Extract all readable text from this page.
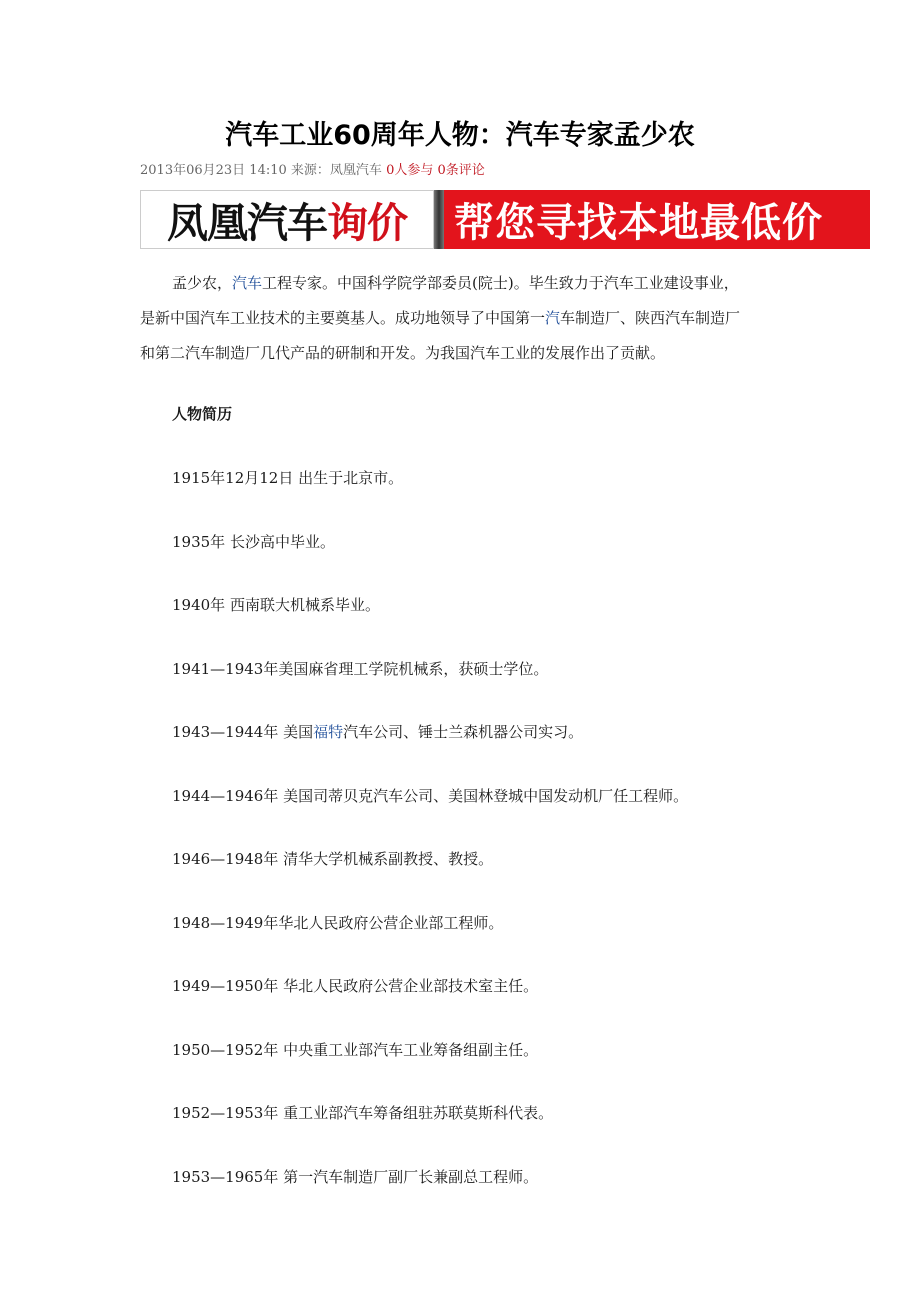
汽车工业60周年人物：汽车专家孟少农
2013年06月23日 14:10 来源：凤凰汽车 0人参与 0条评论
凤凰汽车 询价 帮您寻找本地最低价
孟少农，汽车工程专家。中国科学院学部委员(院士)。毕生致力于汽车工业建设事业，
是新中国汽车工业技术的主要奠基人。成功地领导了中国第一汽车制造厂、陕西汽车制造厂
和第二汽车制造厂几代产品的研制和开发。为我国汽车工业的发展作出了贡献。
人物简历
1915年12月12日 出生于北京市。
1935年 长沙高中毕业。
1940年 西南联大机械系毕业。
1941—1943年美国麻省理工学院机械系，获硕士学位。
1943—1944年 美国福特汽车公司、锤士兰森机器公司实习。
1944—1946年 美国司蒂贝克汽车公司、美国林登城中国发动机厂任工程师。
1946—1948年 清华大学机械系副教授、教授。
1948—1949年华北人民政府公营企业部工程师。
1949—1950年 华北人民政府公营企业部技术室主任。
1950—1952年 中央重工业部汽车工业筹备组副主任。
1952—1953年 重工业部汽车筹备组驻苏联莫斯科代表。
1953—1965年 第一汽车制造厂副厂长兼副总工程师。
